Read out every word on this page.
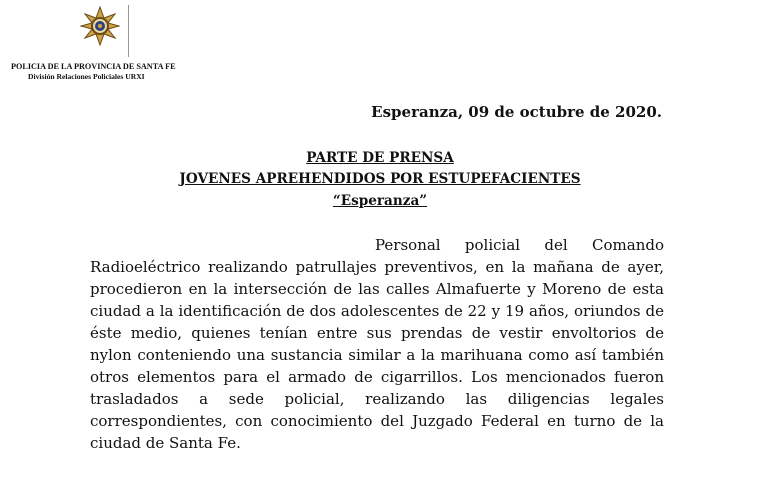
POLICIA DE LA PROVINCIA DE SANTA FE
División Relaciones Policiales URXI
Esperanza, 09 de octubre de 2020.
PARTE DE PRENSA
JOVENES APREHENDIDOS POR ESTUPEFACIENTES
“Esperanza”

Personal policial del Comando Radioeléctrico realizando patrullajes preventivos, en la mañana de ayer, procedieron en la intersección de las calles Almafuerte y Moreno de esta ciudad a la identificación de dos adolescentes de 22 y 19 años, oriundos de éste medio, quienes tenían entre sus prendas de vestir envoltorios de nylon conteniendo una sustancia similar a la marihuana como así también otros elementos para el armado de cigarrillos. Los mencionados fueron trasladados a sede policial, realizando las diligencias legales correspondientes, con conocimiento del Juzgado Federal en turno de la ciudad de Santa Fe.
